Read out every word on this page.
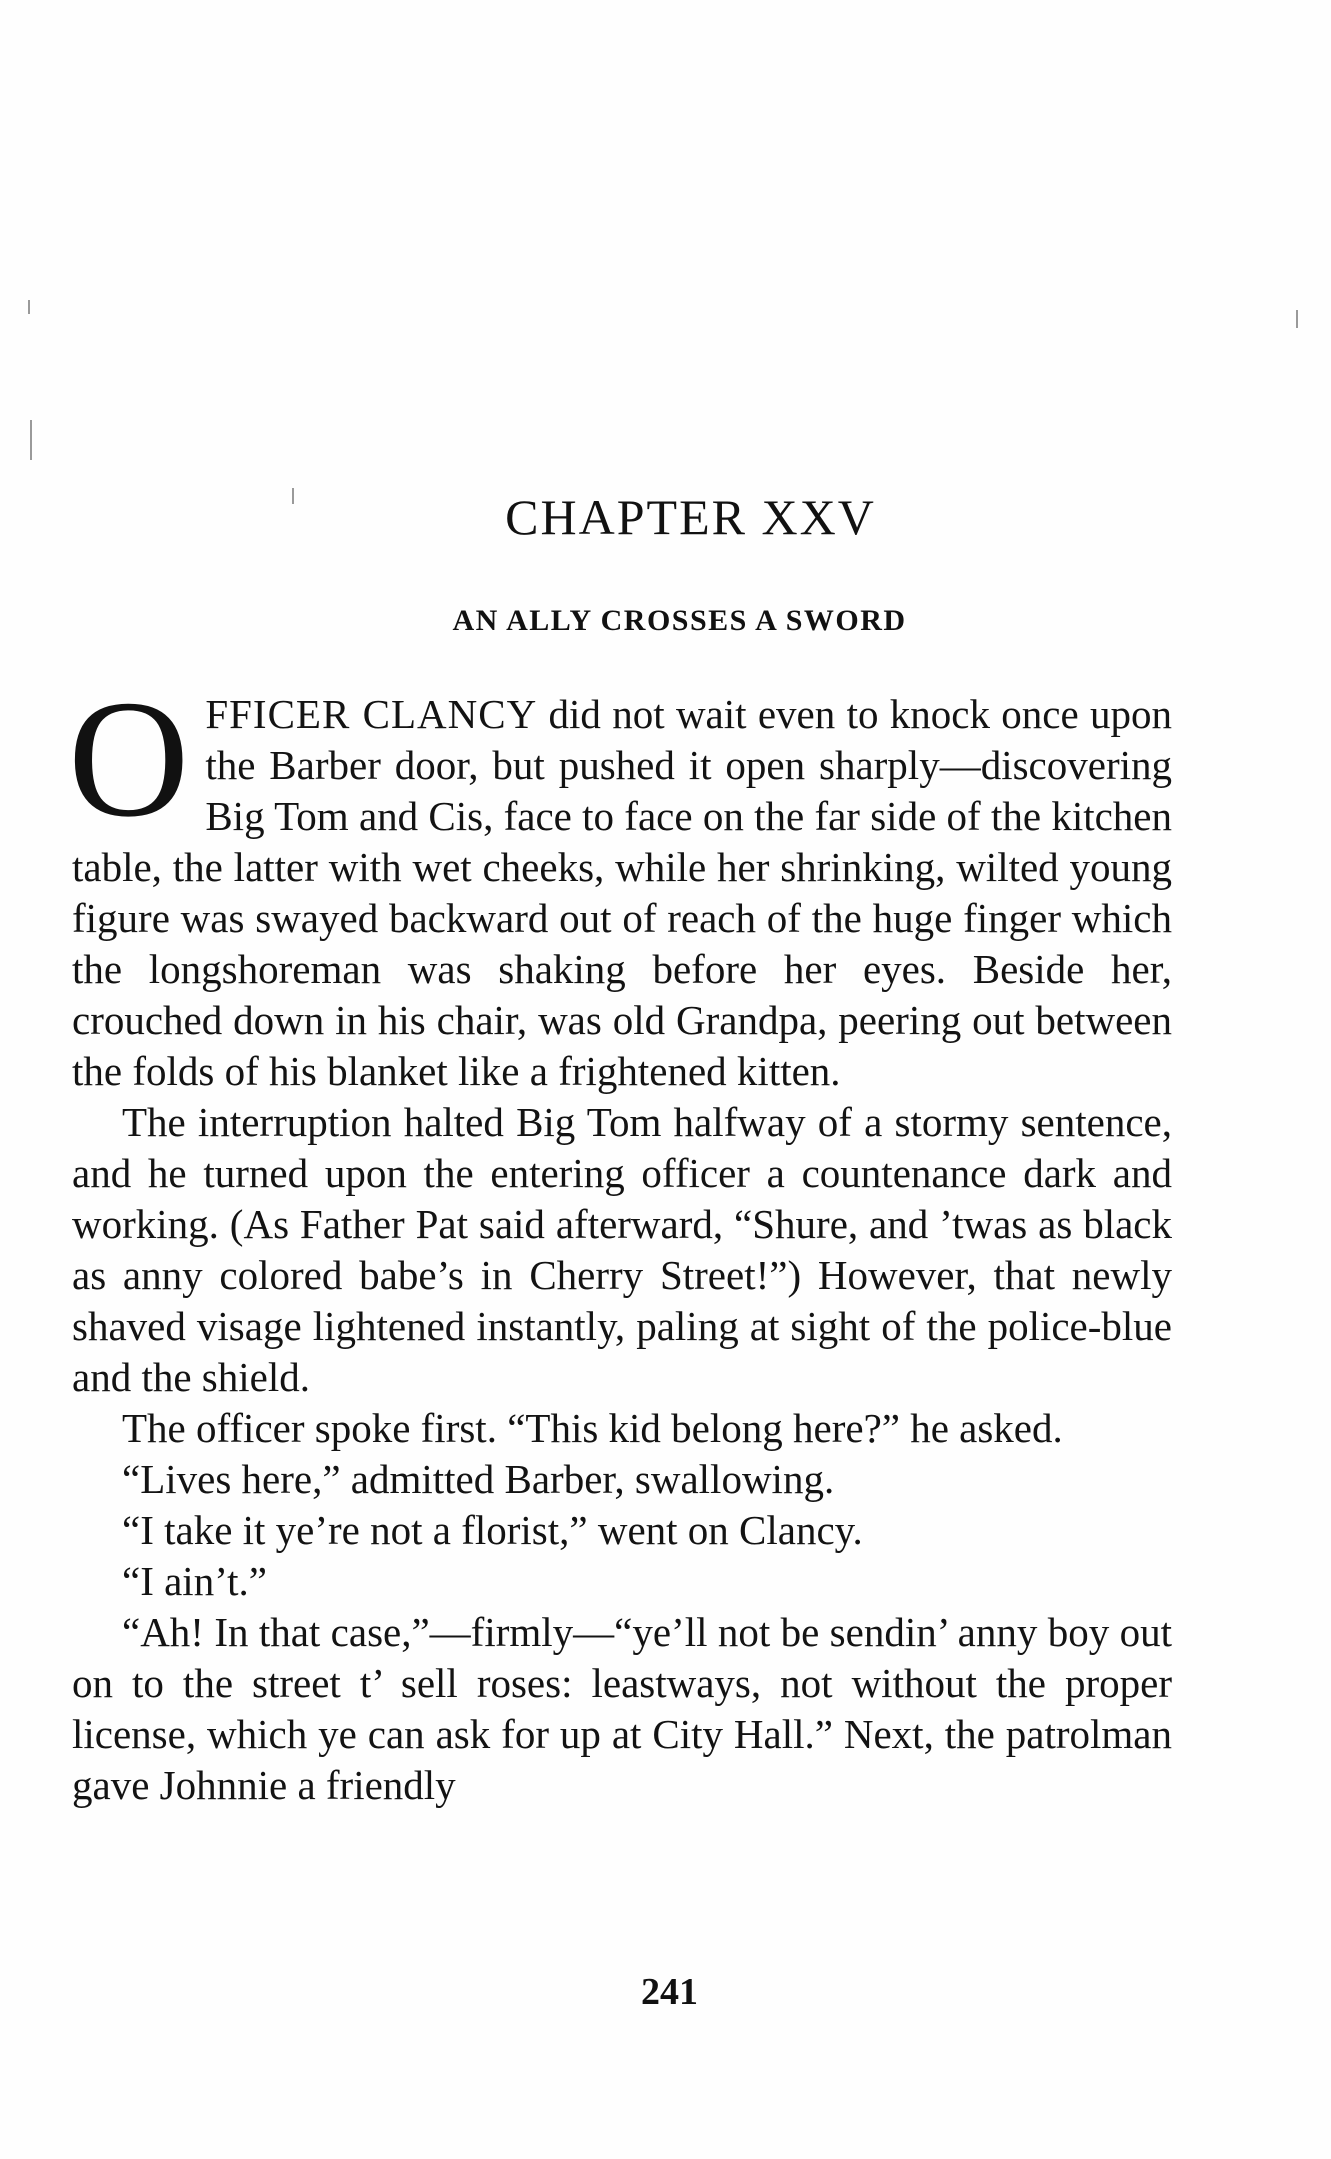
CHAPTER XXV
AN ALLY CROSSES A SWORD

OFFICER CLANCY did not wait even to knock once upon the Barber door, but pushed it open sharply—discovering Big Tom and Cis, face to face on the far side of the kitchen table, the latter with wet cheeks, while her shrinking, wilted young figure was swayed backward out of reach of the huge finger which the longshoreman was shaking before her eyes. Beside her, crouched down in his chair, was old Grandpa, peering out between the folds of his blanket like a frightened kitten.

The interruption halted Big Tom halfway of a stormy sentence, and he turned upon the entering officer a countenance dark and working. (As Father Pat said afterward, “Shure, and ’twas as black as anny colored babe’s in Cherry Street!”) However, that newly shaved visage lightened instantly, paling at sight of the police-blue and the shield.

The officer spoke first. “This kid belong here?” he asked.

“Lives here,” admitted Barber, swallowing.

“I take it ye’re not a florist,” went on Clancy.

“I ain’t.”

“Ah! In that case,”—firmly—“ye’ll not be sendin’ anny boy out on to the street t’ sell roses: leastways, not without the proper license, which ye can ask for up at City Hall.” Next, the patrolman gave Johnnie a friendly

241
